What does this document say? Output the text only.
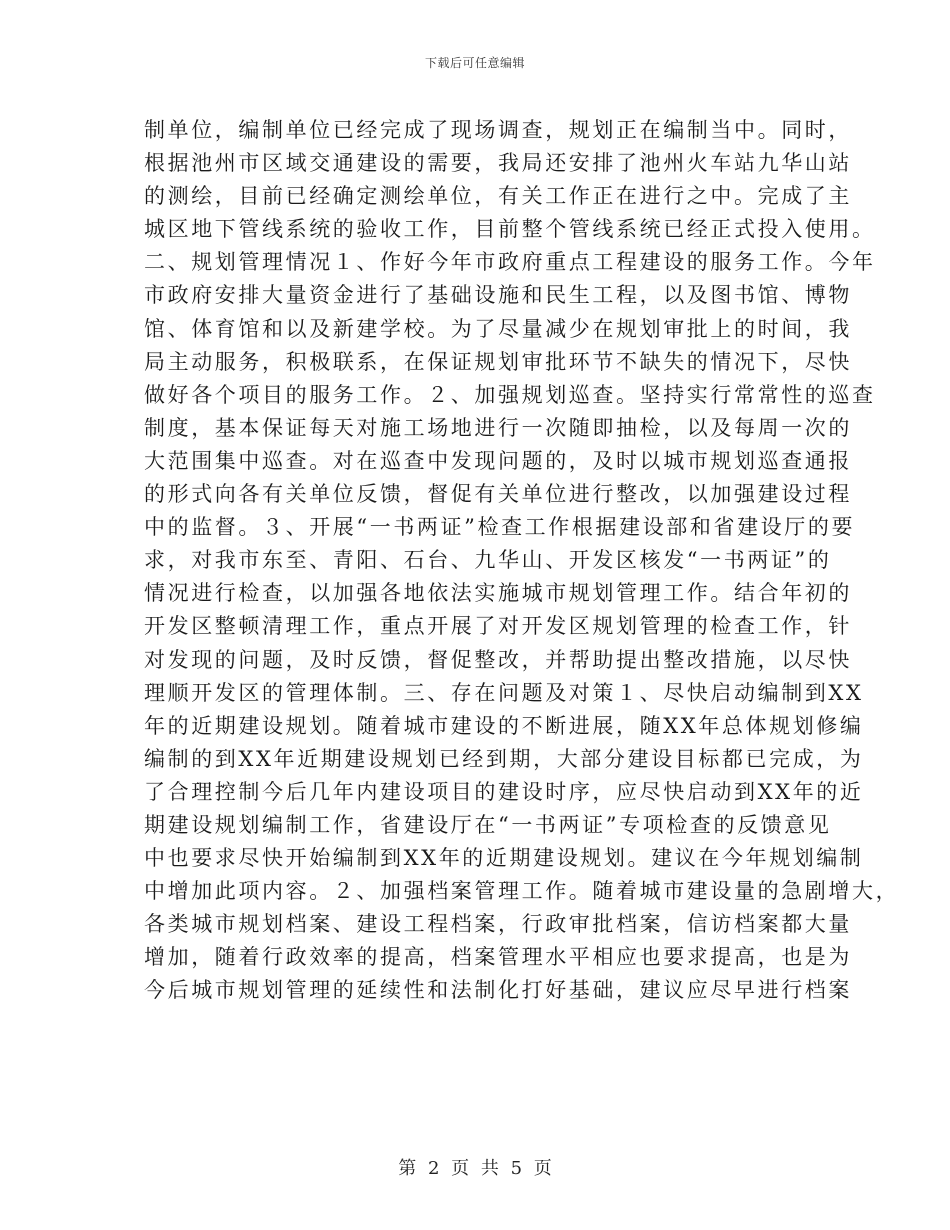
下载后可任意编辑
制单位，编制单位已经完成了现场调查，规划正在编制当中。同时，
根据池州市区域交通建设的需要，我局还安排了池州火车站九华山站
的测绘，目前已经确定测绘单位，有关工作正在进行之中。完成了主
城区地下管线系统的验收工作，目前整个管线系统已经正式投入使用。
二、规划管理情况１、作好今年市政府重点工程建设的服务工作。今年
市政府安排大量资金进行了基础设施和民生工程，以及图书馆、博物
馆、体育馆和以及新建学校。为了尽量减少在规划审批上的时间，我
局主动服务，积极联系，在保证规划审批环节不缺失的情况下，尽快
做好各个项目的服务工作。２、加强规划巡查。坚持实行常常性的巡查
制度，基本保证每天对施工场地进行一次随即抽检，以及每周一次的
大范围集中巡查。对在巡查中发现问题的，及时以城市规划巡查通报
的形式向各有关单位反馈，督促有关单位进行整改，以加强建设过程
中的监督。３、开展“一书两证”检查工作根据建设部和省建设厅的要
求，对我市东至、青阳、石台、九华山、开发区核发“一书两证”的
情况进行检查，以加强各地依法实施城市规划管理工作。结合年初的
开发区整顿清理工作，重点开展了对开发区规划管理的检查工作，针
对发现的问题，及时反馈，督促整改，并帮助提出整改措施，以尽快
理顺开发区的管理体制。三、存在问题及对策１、尽快启动编制到XX
年的近期建设规划。随着城市建设的不断进展，随XX年总体规划修编
编制的到XX年近期建设规划已经到期，大部分建设目标都已完成，为
了合理控制今后几年内建设项目的建设时序，应尽快启动到XX年的近
期建设规划编制工作，省建设厅在“一书两证”专项检查的反馈意见
中也要求尽快开始编制到XX年的近期建设规划。建议在今年规划编制
中增加此项内容。２、加强档案管理工作。随着城市建设量的急剧增大，
各类城市规划档案、建设工程档案，行政审批档案，信访档案都大量
增加，随着行政效率的提高，档案管理水平相应也要求提高，也是为
今后城市规划管理的延续性和法制化打好基础，建议应尽早进行档案
第 2 页 共 5 页
